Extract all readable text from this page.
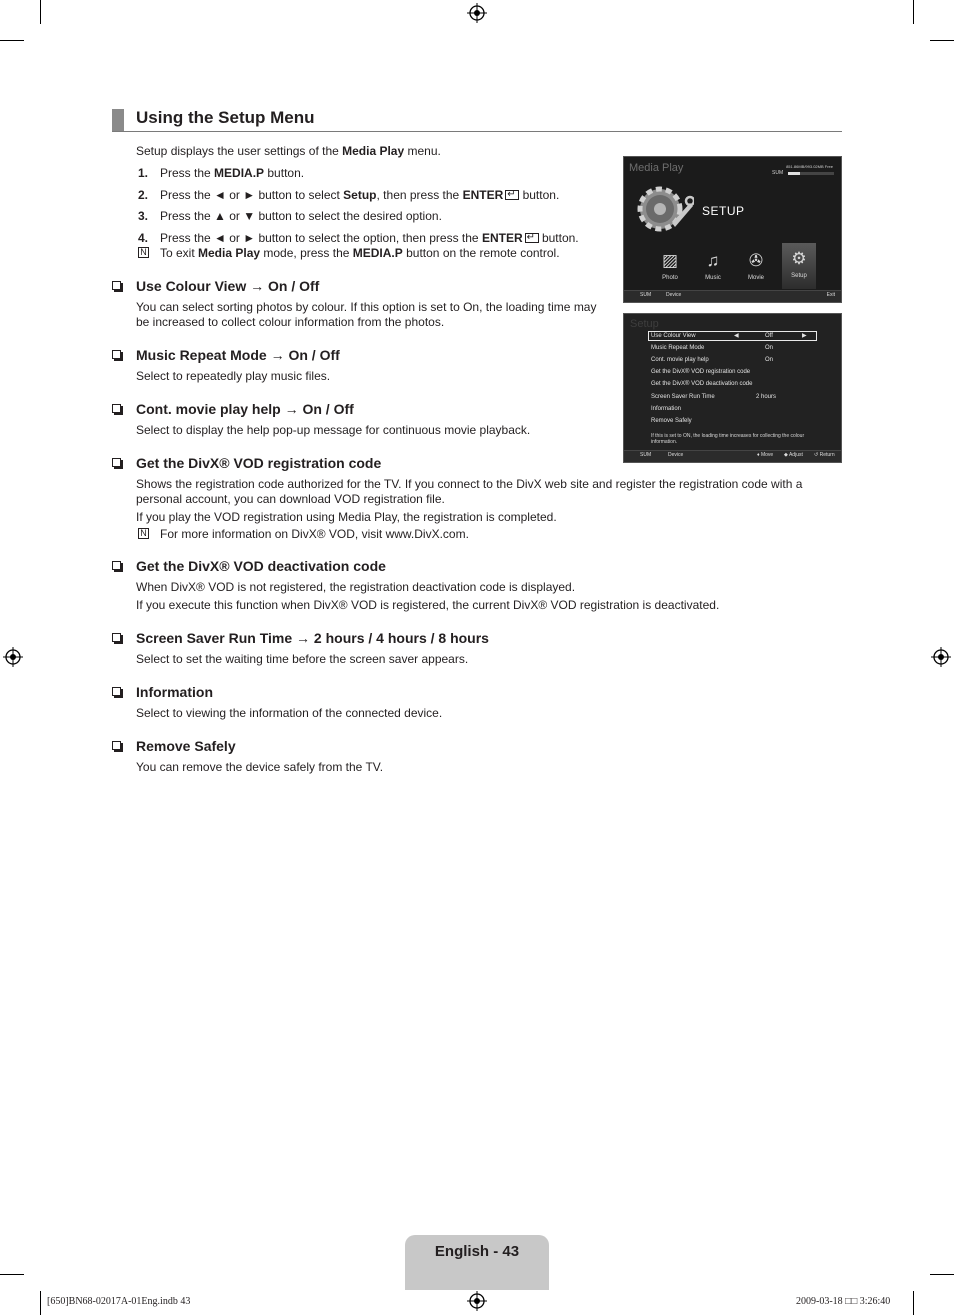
Using the Setup Menu
Setup displays the user settings of the Media Play menu.
1. Press the MEDIA.P button.
2. Press the ◄ or ► button to select Setup, then press the ENTER↵ button.
3. Press the ▲ or ▼ button to select the desired option.
4. Press the ◄ or ► button to select the option, then press the ENTER↵ button.
N To exit Media Play mode, press the MEDIA.P button on the remote control.
Use Colour View → On / Off
You can select sorting photos by colour. If this option is set to On, the loading time may be increased to collect colour information from the photos.
Music Repeat Mode → On / Off
Select to repeatedly play music files.
Cont. movie play help → On / Off
Select to display the help pop-up message for continuous movie playback.
Get the DivX® VOD registration code
Shows the registration code authorized for the TV. If you connect to the DivX web site and register the registration code with a personal account, you can download VOD registration file.
If you play the VOD registration using Media Play, the registration is completed.
N For more information on DivX® VOD, visit www.DivX.com.
Get the DivX® VOD deactivation code
When DivX® VOD is not registered, the registration deactivation code is displayed.
If you execute this function when DivX® VOD is registered, the current DivX® VOD registration is deactivated.
Screen Saver Run Time → 2 hours / 4 hours / 8 hours
Select to set the waiting time before the screen saver appears.
Information
Select to viewing the information of the connected device.
Remove Safely
You can remove the device safely from the TV.
Media Play	851.86MB/993.02MB Free
SUM
SETUP
▨
Photo
♫
Music
✇
Movie
⚙
Setup
SUM	Device	Exit
Setup
◀	▶
Use Colour View	Off
Music Repeat Mode	On
Cont. movie play help	On
Get the DivX® VOD registration code
Get the DivX® VOD deactivation code
Screen Saver Run Time	2 hours
Information
Remove Safely
If this is set to ON, the loading time increases for collecting the colour information.
SUM	Device	♦ Move ◆ Adjust ↺ Return
English - 43
[650]BN68-02017A-01Eng.indb 43	2009-03-18 □□ 3:26:40
